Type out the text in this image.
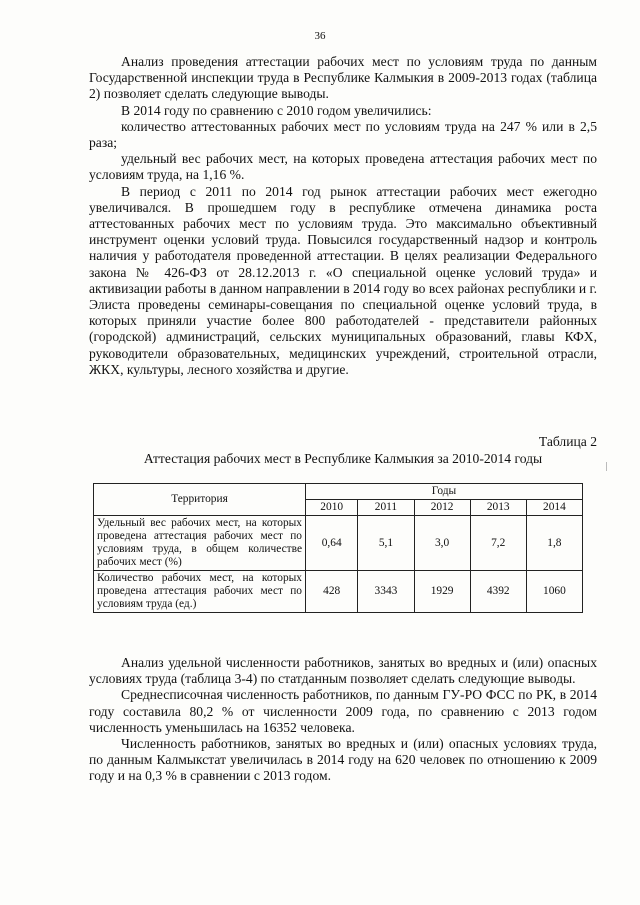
36

Анализ проведения аттестации рабочих мест по условиям труда по данным Государственной инспекции труда в Республике Калмыкия в 2009-2013 годах (таблица 2) позволяет сделать следующие выводы.

В 2014 году по сравнению с 2010 годом увеличились:

количество аттестованных рабочих мест по условиям труда на 247 % или в 2,5 раза;

удельный вес рабочих мест, на которых проведена аттестация рабочих мест по условиям труда, на 1,16 %.

В период с 2011 по 2014 год рынок аттестации рабочих мест ежегодно увеличивался. В прошедшем году в республике отмечена динамика роста аттестованных рабочих мест по условиям труда. Это максимально объективный инструмент оценки условий труда. Повысился государственный надзор и контроль наличия у работодателя проведенной аттестации. В целях реализации Федерального закона № 426-ФЗ от 28.12.2013 г. «О специальной оценке условий труда» и активизации работы в данном направлении в 2014 году во всех районах республики и г. Элиста проведены семинары-совещания по специальной оценке условий труда, в которых приняли участие более 800 работодателей - представители районных (городской) администраций, сельских муниципальных образований, главы КФХ, руководители образовательных, медицинских учреждений, строительной отрасли, ЖКХ, культуры, лесного хозяйства и другие.

Таблица 2
Аттестация рабочих мест в Республике Калмыкия за 2010-2014 годы
Территория	Годы				
	2010	2011	2012	2013	2014
Удельный вес рабочих мест, на которых проведена аттестация рабочих мест по условиям труда, в общем количестве рабочих мест (%)	0,64	5,1	3,0	7,2	1,8
Количество рабочих мест, на которых проведена аттестация рабочих мест по условиям труда (ед.)	428	3343	1929	4392	1060

Анализ удельной численности работников, занятых во вредных и (или) опасных условиях труда (таблица 3-4) по статданным позволяет сделать следующие выводы.

Среднесписочная численность работников, по данным ГУ-РО ФСС по РК, в 2014 году составила 80,2 % от численности 2009 года, по сравнению с 2013 годом численность уменьшилась на 16352 человека.

Численность работников, занятых во вредных и (или) опасных условиях труда, по данным Калмыкстат увеличилась в 2014 году на 620 человек по отношению к 2009 году и на 0,3 % в сравнении с 2013 годом.
